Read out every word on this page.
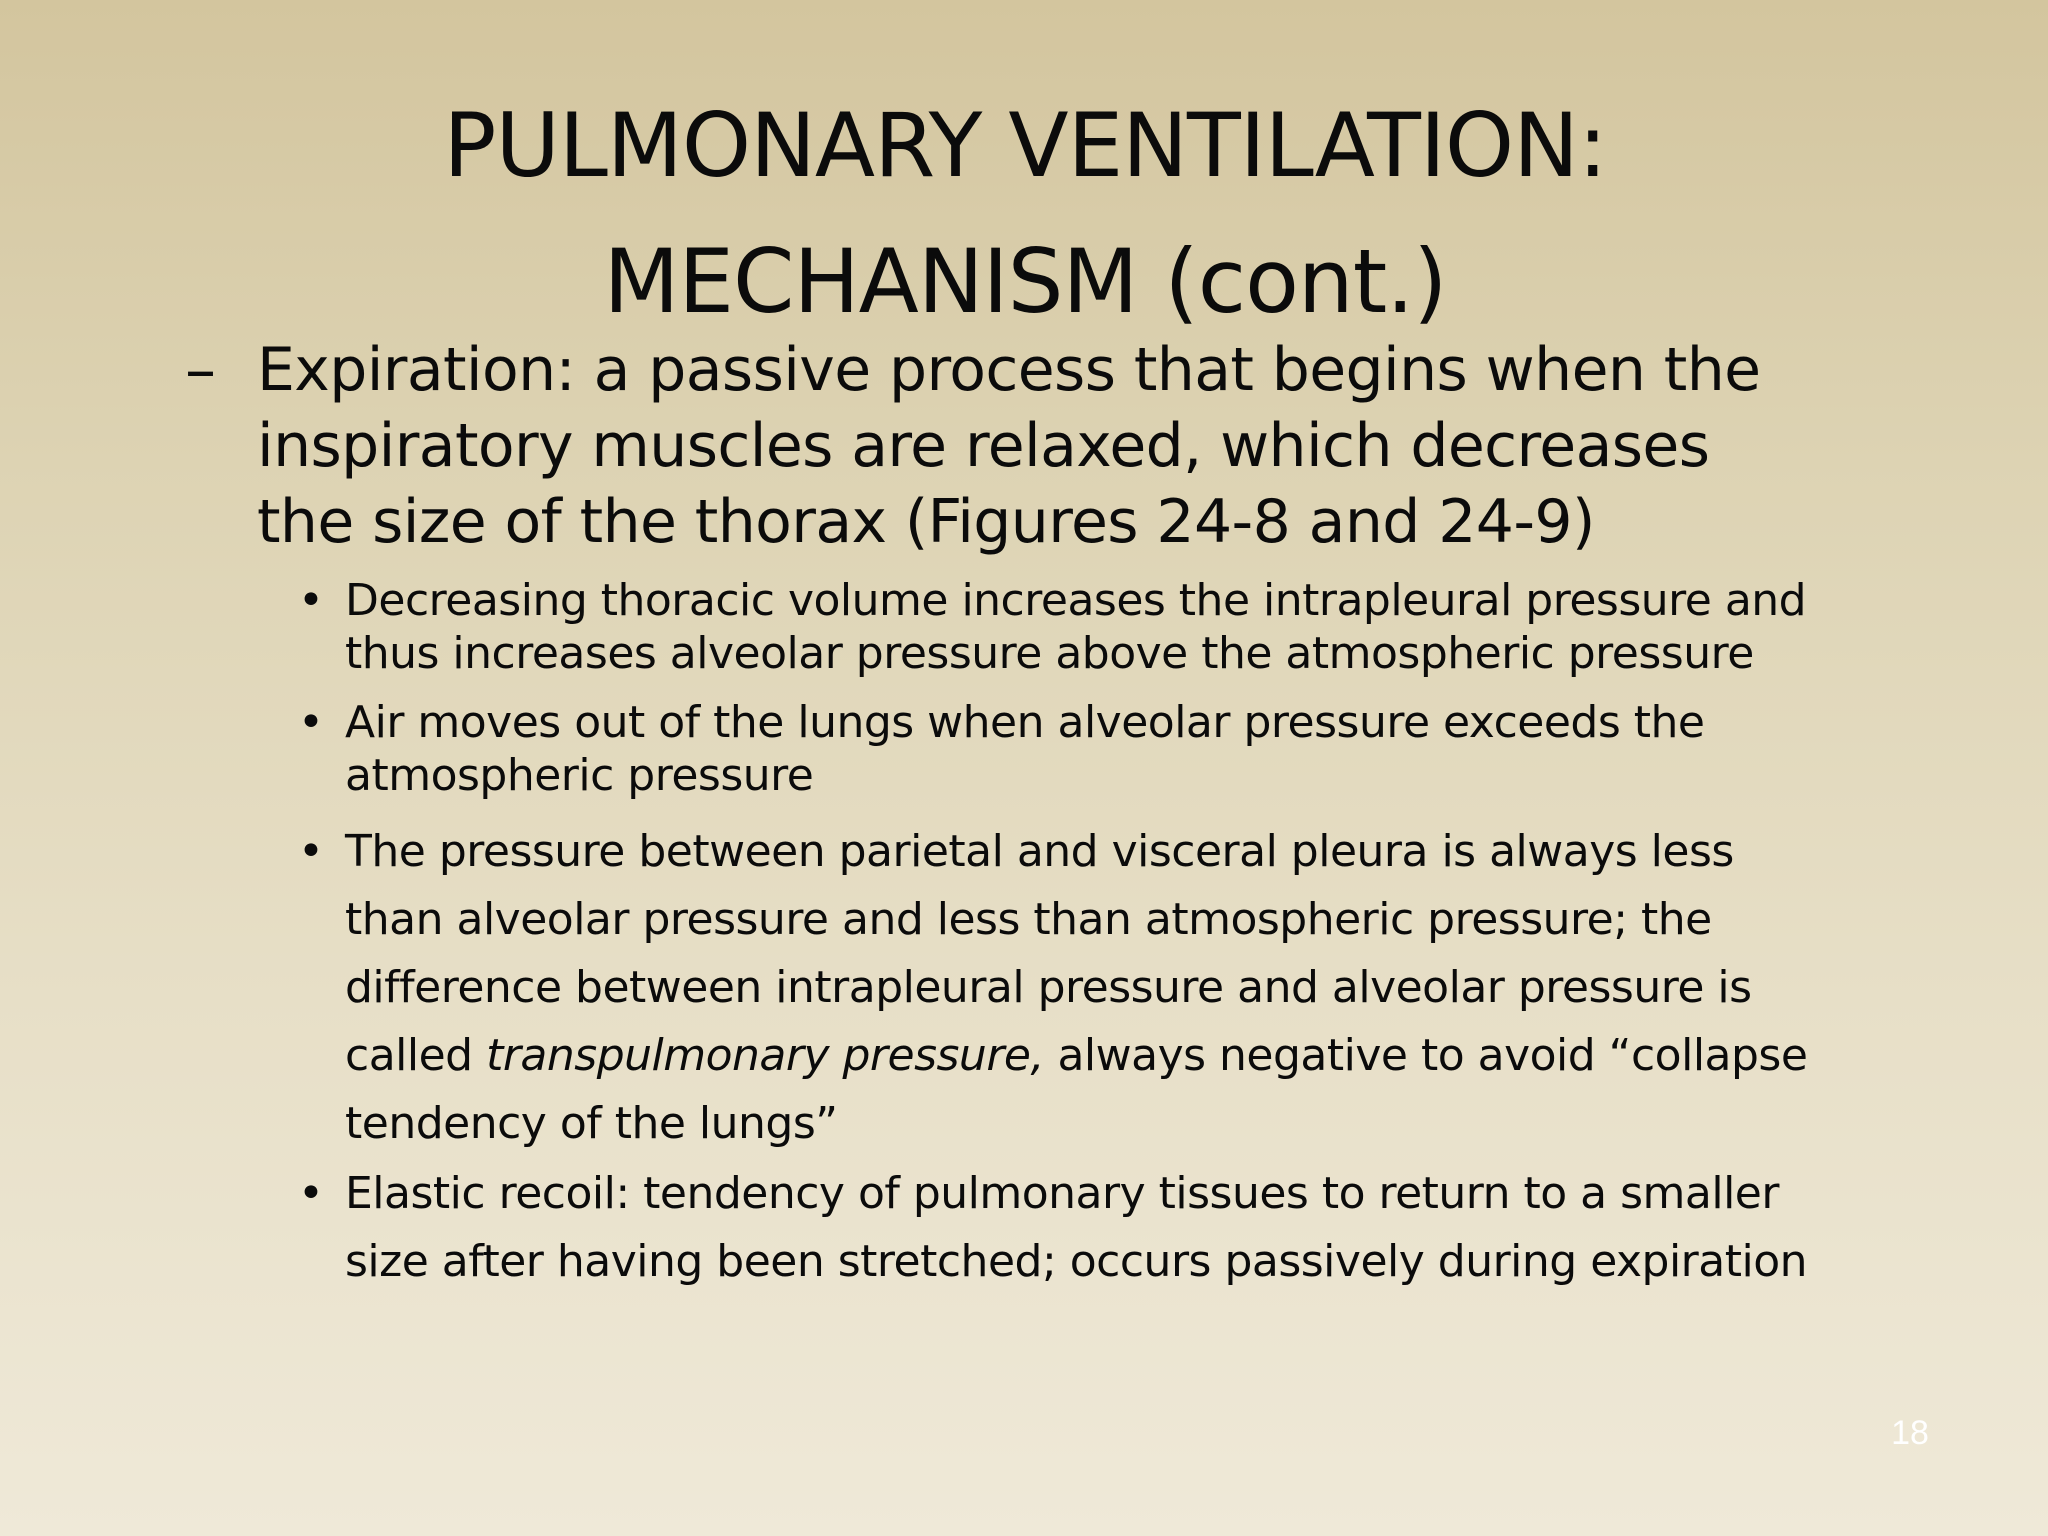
PULMONARY VENTILATION:
MECHANISM (cont.)
– Expiration: a passive process that begins when the
inspiratory muscles are relaxed, which decreases
the size of the thorax (Figures 24-8 and 24-9)
• Decreasing thoracic volume increases the intrapleural pressure and
thus increases alveolar pressure above the atmospheric pressure
• Air moves out of the lungs when alveolar pressure exceeds the
atmospheric pressure
• The pressure between parietal and visceral pleura is always less
than alveolar pressure and less than atmospheric pressure; the
difference between intrapleural pressure and alveolar pressure is
called transpulmonary pressure, always negative to avoid “collapse
tendency of the lungs”
• Elastic recoil: tendency of pulmonary tissues to return to a smaller
size after having been stretched; occurs passively during expiration
18
